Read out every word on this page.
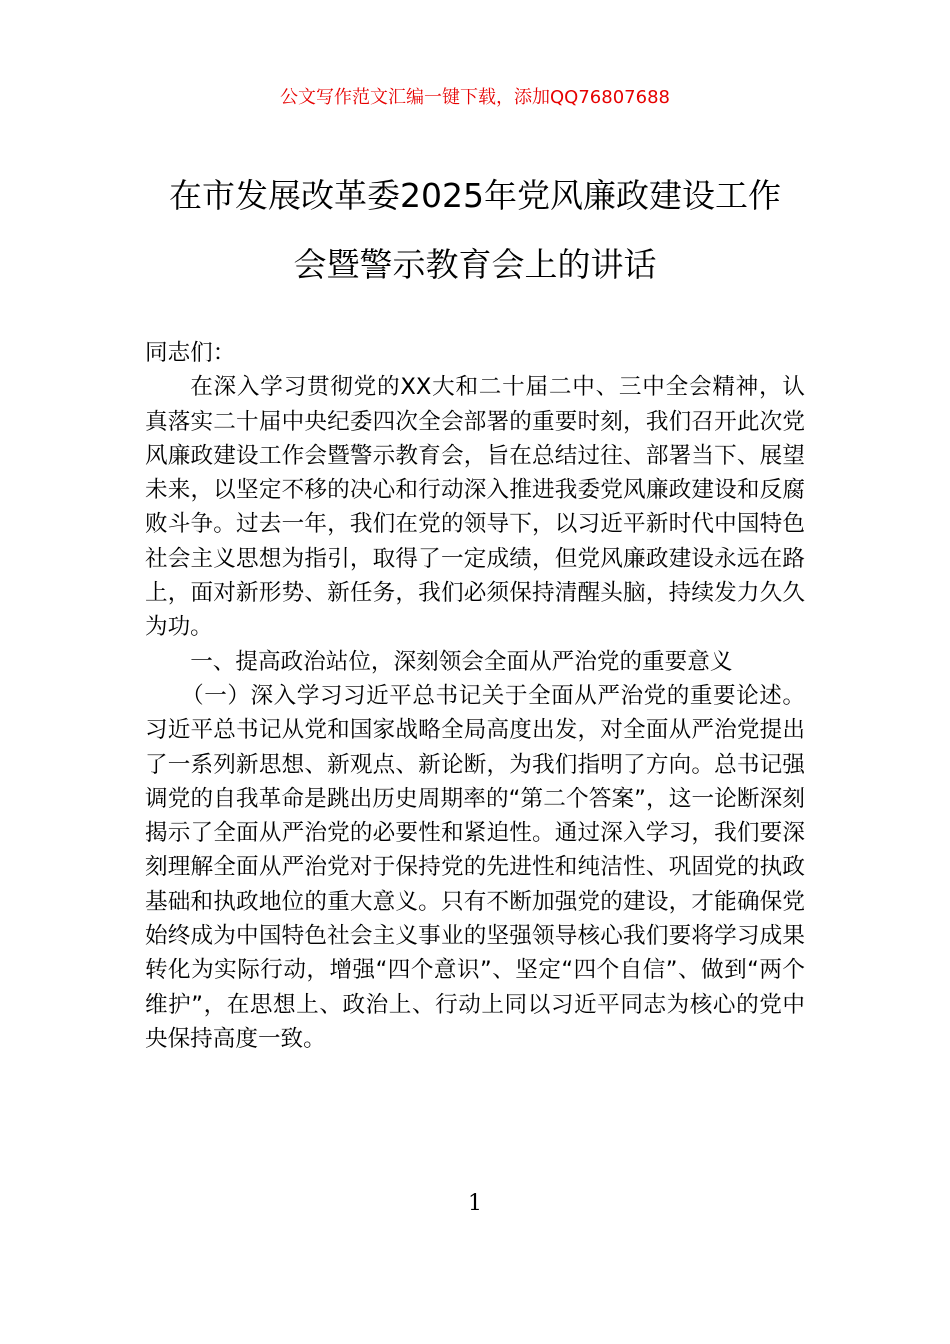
公文写作范文汇编一键下载，添加QQ76807688
在市发展改革委2025年党风廉政建设工作
会暨警示教育会上的讲话

同志们：

在深入学习贯彻党的XX大和二十届二中、三中全会精神，认真落实二十届中央纪委四次全会部署的重要时刻，我们召开此次党风廉政建设工作会暨警示教育会，旨在总结过往、部署当下、展望未来，以坚定不移的决心和行动深入推进我委党风廉政建设和反腐败斗争。过去一年，我们在党的领导下，以习近平新时代中国特色社会主义思想为指引，取得了一定成绩，但党风廉政建设永远在路上，面对新形势、新任务，我们必须保持清醒头脑，持续发力久久为功。

一、提高政治站位，深刻领会全面从严治党的重要意义

（一）深入学习习近平总书记关于全面从严治党的重要论述。习近平总书记从党和国家战略全局高度出发，对全面从严治党提出了一系列新思想、新观点、新论断，为我们指明了方向。总书记强调党的自我革命是跳出历史周期率的“第二个答案”，这一论断深刻揭示了全面从严治党的必要性和紧迫性。通过深入学习，我们要深刻理解全面从严治党对于保持党的先进性和纯洁性、巩固党的执政基础和执政地位的重大意义。只有不断加强党的建设，才能确保党始终成为中国特色社会主义事业的坚强领导核心我们要将学习成果转化为实际行动，增强“四个意识”、坚定“四个自信”、做到“两个维护”，在思想上、政治上、行动上同以习近平同志为核心的党中央保持高度一致。

1
